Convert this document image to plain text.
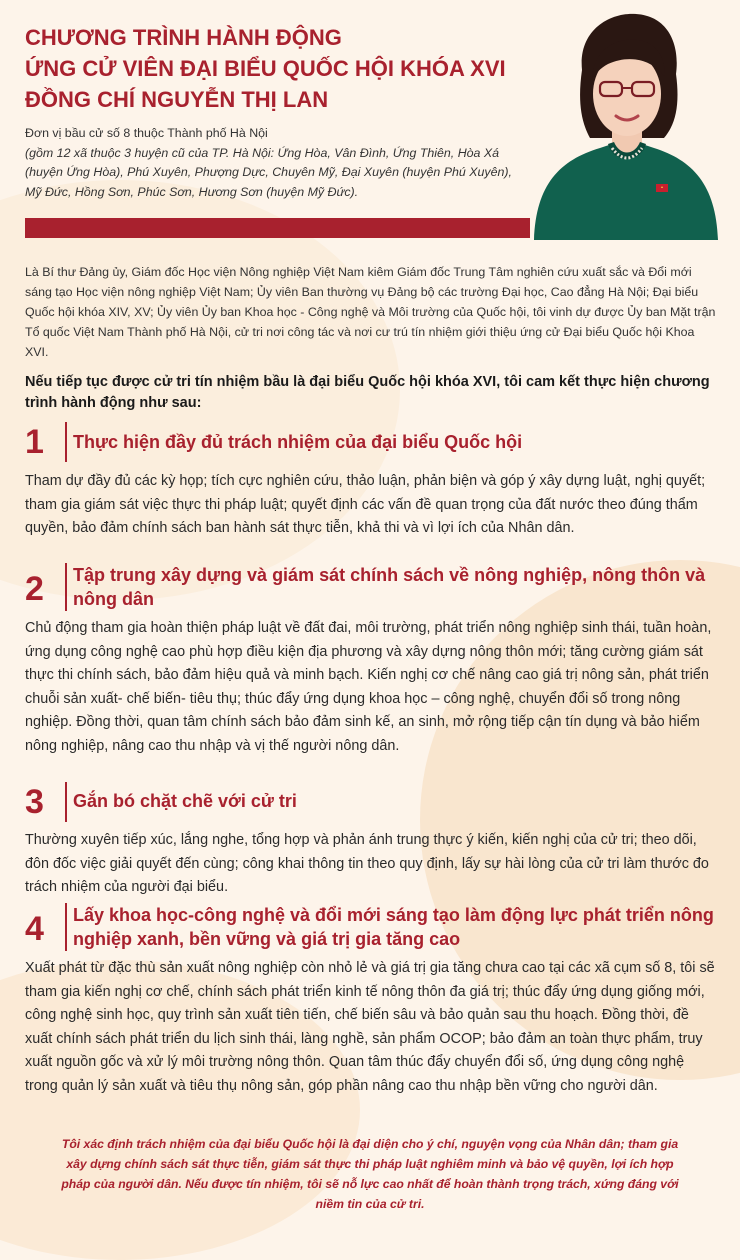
CHƯƠNG TRÌNH HÀNH ĐỘNG
ỨNG CỬ VIÊN ĐẠI BIỂU QUỐC HỘI KHÓA XVI
ĐỒNG CHÍ NGUYỄN THỊ LAN
Đơn vị bầu cử số 8 thuộc Thành phố Hà Nội
(gồm 12 xã thuộc 3 huyện cũ của TP. Hà Nội: Ứng Hòa, Vân Đình, Ứng Thiên, Hòa Xá (huyện Ứng Hòa), Phú Xuyên, Phượng Dực, Chuyên Mỹ, Đại Xuyên (huyện Phú Xuyên), Mỹ Đức, Hồng Sơn, Phúc Sơn, Hương Sơn (huyện Mỹ Đức).

Là Bí thư Đảng ủy, Giám đốc Học viện Nông nghiệp Việt Nam kiêm Giám đốc Trung Tâm nghiên cứu xuất sắc và Đổi mới sáng tạo Học viện nông nghiệp Việt Nam; Ủy viên Ban thường vụ Đảng bộ các trường Đại học, Cao đẳng Hà Nội; Đại biểu Quốc hội khóa XIV, XV; Ủy viên Ủy ban Khoa học - Công nghệ và Môi trường của Quốc hội, tôi vinh dự được Ủy ban Mặt trận Tổ quốc Việt Nam Thành phố Hà Nội, cử tri nơi công tác và nơi cư trú tín nhiệm giới thiệu ứng cử Đại biểu Quốc hội Khoa XVI.

Nếu tiếp tục được cử tri tín nhiệm bầu là đại biểu Quốc hội khóa XVI, tôi cam kết thực hiện chương trình hành động như sau:

1	Thực hiện đầy đủ trách nhiệm của đại biểu Quốc hội

Tham dự đầy đủ các kỳ họp; tích cực nghiên cứu, thảo luận, phản biện và góp ý xây dựng luật, nghị quyết; tham gia giám sát việc thực thi pháp luật; quyết định các vấn đề quan trọng của đất nước theo đúng thẩm quyền, bảo đảm chính sách ban hành sát thực tiễn, khả thi và vì lợi ích của Nhân dân.

2	Tập trung xây dựng và giám sát chính sách về nông nghiệp, nông thôn và nông dân

Chủ động tham gia hoàn thiện pháp luật về đất đai, môi trường, phát triển nông nghiệp sinh thái, tuần hoàn, ứng dụng công nghệ cao phù hợp điều kiện địa phương và xây dựng nông thôn mới; tăng cường giám sát thực thi chính sách, bảo đảm hiệu quả và minh bạch. Kiến nghị cơ chế nâng cao giá trị nông sản, phát triển chuỗi sản xuất- chế biến- tiêu thụ; thúc đẩy ứng dụng khoa học – công nghệ, chuyển đổi số trong nông nghiệp. Đồng thời, quan tâm chính sách bảo đảm sinh kế, an sinh, mở rộng tiếp cận tín dụng và bảo hiểm nông nghiệp, nâng cao thu nhập và vị thế người nông dân.

3	Gắn bó chặt chẽ với cử tri

Thường xuyên tiếp xúc, lắng nghe, tổng hợp và phản ánh trung thực ý kiến, kiến nghị của cử tri; theo dõi, đôn đốc việc giải quyết đến cùng; công khai thông tin theo quy định, lấy sự hài lòng của cử tri làm thước đo trách nhiệm của người đại biểu.

4	Lấy khoa học-công nghệ và đổi mới sáng tạo làm động lực phát triển nông nghiệp xanh, bền vững và giá trị gia tăng cao

Xuất phát từ đặc thù sản xuất nông nghiệp còn nhỏ lẻ và giá trị gia tăng chưa cao tại các xã cụm số 8, tôi sẽ tham gia kiến nghị cơ chế, chính sách phát triển kinh tế nông thôn đa giá trị; thúc đẩy ứng dụng giống mới, công nghệ sinh học, quy trình sản xuất tiên tiến, chế biến sâu và bảo quản sau thu hoạch. Đồng thời, đề xuất chính sách phát triển du lịch sinh thái, làng nghề, sản phẩm OCOP; bảo đảm an toàn thực phẩm, truy xuất nguồn gốc và xử lý môi trường nông thôn. Quan tâm thúc đẩy chuyển đổi số, ứng dụng công nghệ trong quản lý sản xuất và tiêu thụ nông sản, góp phần nâng cao thu nhập bền vững cho người dân.

Tôi xác định trách nhiệm của đại biểu Quốc hội là đại diện cho ý chí, nguyện vọng của Nhân dân; tham gia xây dựng chính sách sát thực tiễn, giám sát thực thi pháp luật nghiêm minh và bảo vệ quyền, lợi ích hợp pháp của người dân. Nếu được tín nhiệm, tôi sẽ nỗ lực cao nhất để hoàn thành trọng trách, xứng đáng với niềm tin của cử tri.
